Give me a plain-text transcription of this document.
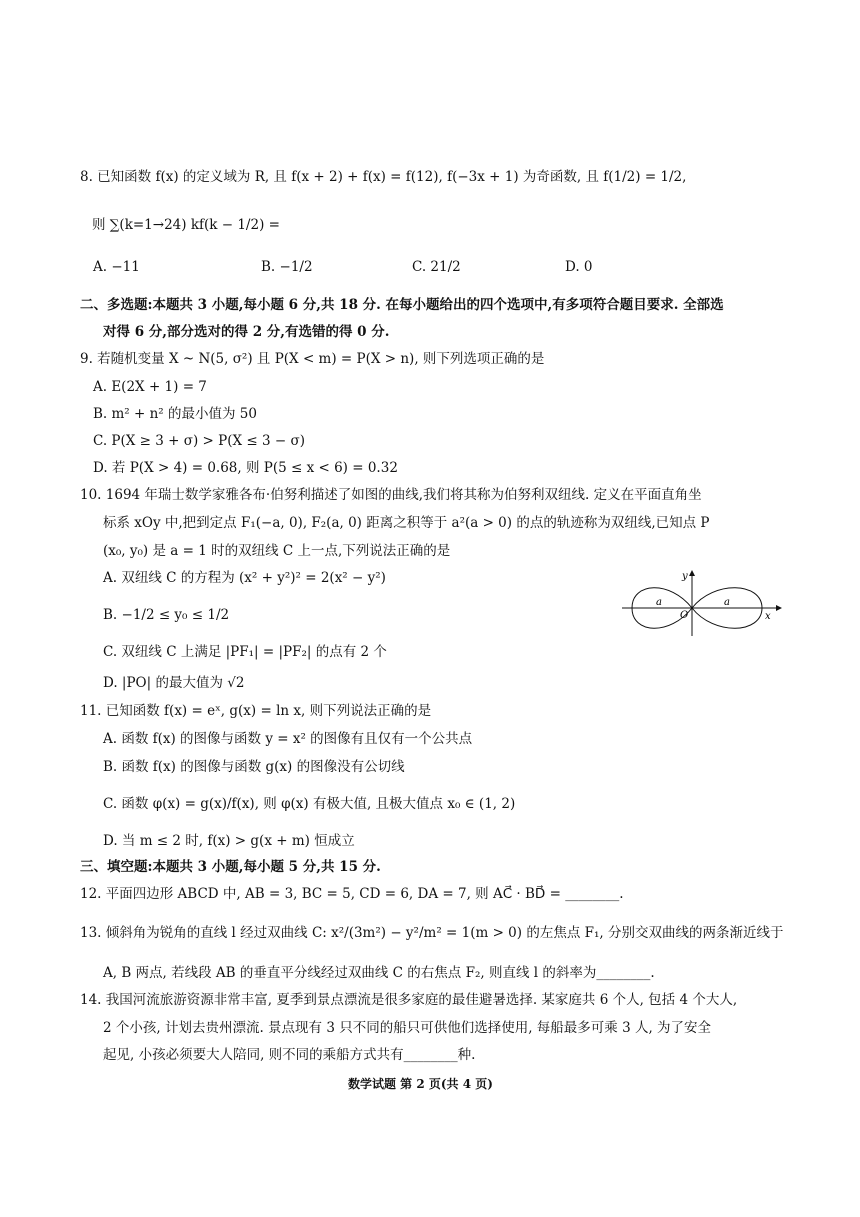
8. 已知函数 f(x) 的定义域为 R, 且 f(x + 2) + f(x) = f(12), f(−3x + 1) 为奇函数, 且 f(1/2) = 1/2,
则 ∑(k=1→24) kf(k − 1/2) =
A. −11	B. −1/2	C. 21/2	D. 0
二、多选题:本题共 3 小题,每小题 6 分,共 18 分. 在每小题给出的四个选项中,有多项符合题目要求. 全部选
对得 6 分,部分选对的得 2 分,有选错的得 0 分.
9. 若随机变量 X ~ N(5, σ²) 且 P(X < m) = P(X > n), 则下列选项正确的是
A. E(2X + 1) = 7
B. m² + n² 的最小值为 50
C. P(X ≥ 3 + σ) > P(X ≤ 3 − σ)
D. 若 P(X > 4) = 0.68, 则 P(5 ≤ x < 6) = 0.32
10. 1694 年瑞士数学家雅各布·伯努利描述了如图的曲线,我们将其称为伯努利双纽线. 定义在平面直角坐
标系 xOy 中,把到定点 F₁(−a, 0), F₂(a, 0) 距离之积等于 a²(a > 0) 的点的轨迹称为双纽线,已知点 P
(x₀, y₀) 是 a = 1 时的双纽线 C 上一点,下列说法正确的是
A. 双纽线 C 的方程为 (x² + y²)² = 2(x² − y²)
B. −1/2 ≤ y₀ ≤ 1/2
C. 双纽线 C 上满足 |PF₁| = |PF₂| 的点有 2 个
D. |PO| 的最大值为 √2
y
x
O
a	a
11. 已知函数 f(x) = eˣ, g(x) = ln x, 则下列说法正确的是
A. 函数 f(x) 的图像与函数 y = x² 的图像有且仅有一个公共点
B. 函数 f(x) 的图像与函数 g(x) 的图像没有公切线
C. 函数 φ(x) = g(x)/f(x), 则 φ(x) 有极大值, 且极大值点 x₀ ∈ (1, 2)
D. 当 m ≤ 2 时, f(x) > g(x + m) 恒成立
三、填空题:本题共 3 小题,每小题 5 分,共 15 分.
12. 平面四边形 ABCD 中, AB = 3, BC = 5, CD = 6, DA = 7, 则 AC⃗ · BD⃗ = ________.
13. 倾斜角为锐角的直线 l 经过双曲线 C: x²/(3m²) − y²/m² = 1(m > 0) 的左焦点 F₁, 分别交双曲线的两条渐近线于
A, B 两点, 若线段 AB 的垂直平分线经过双曲线 C 的右焦点 F₂, 则直线 l 的斜率为________.
14. 我国河流旅游资源非常丰富, 夏季到景点漂流是很多家庭的最佳避暑选择. 某家庭共 6 个人, 包括 4 个大人,
2 个小孩, 计划去贵州漂流. 景点现有 3 只不同的船只可供他们选择使用, 每船最多可乘 3 人, 为了安全
起见, 小孩必须要大人陪同, 则不同的乘船方式共有________种.
数学试题 第 2 页(共 4 页)
